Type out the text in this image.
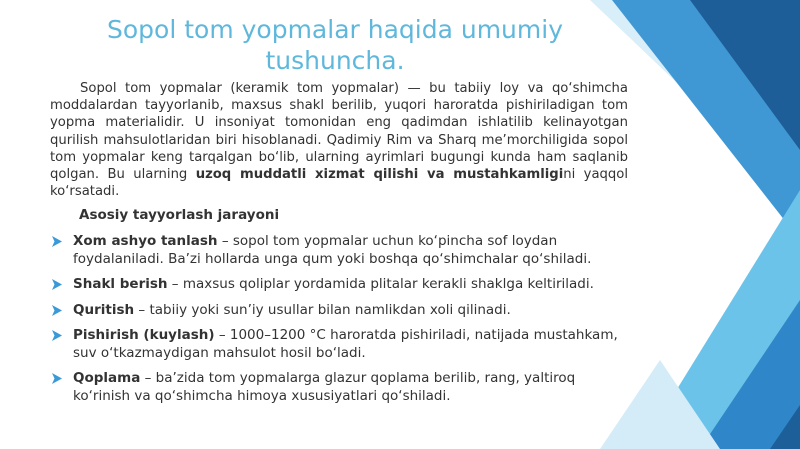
Sopol tom yopmalar haqida umumiy
tushuncha.

Sopol tom yopmalar (keramik tom yopmalar) — bu tabiiy loy va qo‘shimcha moddalardan tayyorlanib, maxsus shakl berilib, yuqori haroratda pishiriladigan tom yopma materialidir. U insoniyat tomonidan eng qadimdan ishlatilib kelinayotgan qurilish mahsulotlaridan biri hisoblanadi. Qadimiy Rim va Sharq me’morchiligida sopol tom yopmalar keng tarqalgan bo‘lib, ularning ayrimlari bugungi kunda ham saqlanib qolgan. Bu ularning uzoq muddatli xizmat qilishi va mustahkamligini yaqqol ko‘rsatadi.

Asosiy tayyorlash jarayoni
Xom ashyo tanlash – sopol tom yopmalar uchun ko‘pincha sof loydan foydalaniladi. Ba’zi hollarda unga qum yoki boshqa qo‘shimchalar qo‘shiladi.
Shakl berish – maxsus qoliplar yordamida plitalar kerakli shaklga keltiriladi.
Quritish – tabiiy yoki sun’iy usullar bilan namlikdan xoli qilinadi.
Pishirish (kuylash) – 1000–1200 °C haroratda pishiriladi, natijada mustahkam, suv o‘tkazmaydigan mahsulot hosil bo‘ladi.
Qoplama – ba’zida tom yopmalarga glazur qoplama berilib, rang, yaltiroq ko‘rinish va qo‘shimcha himoya xususiyatlari qo‘shiladi.
